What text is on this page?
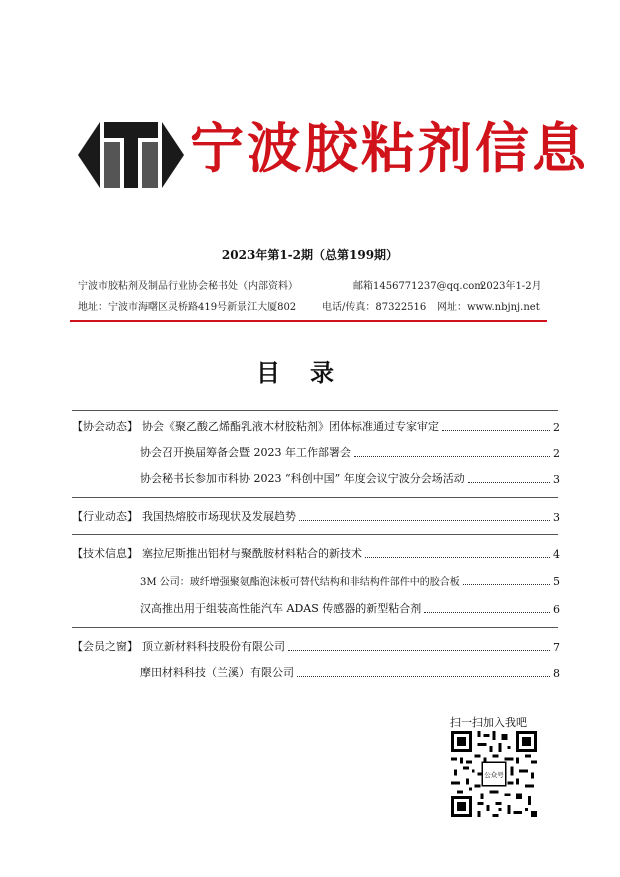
宁波胶粘剂信息
2023年第1-2期（总第199期）
宁波市胶粘剂及制品行业协会秘书处（内部资料）	邮箱1456771237@qq.com
2023年1-2月
地址：宁波市海曙区灵桥路419号新景江大厦802	电话/传真：87322516 网址：www.nbjnj.net
目录
【协会动态】 协会《聚乙酸乙烯酯乳液木材胶粘剂》团体标准通过专家审定	2
协会召开换届筹备会暨 2023 年工作部署会	2
协会秘书长参加市科协 2023 “科创中国” 年度会议宁波分会场活动	3
【行业动态】 我国热熔胶市场现状及发展趋势	3
【技术信息】 塞拉尼斯推出铝材与聚酰胺材料粘合的新技术	4
3M 公司：玻纤增强聚氨酯泡沫板可替代结构和非结构件部件中的胶合板	5
汉高推出用于组装高性能汽车 ADAS 传感器的新型粘合剂	6
【会员之窗】 顶立新材料科技股份有限公司	7
摩田材料科技（兰溪）有限公司	8
扫一扫加入我吧
公众号
